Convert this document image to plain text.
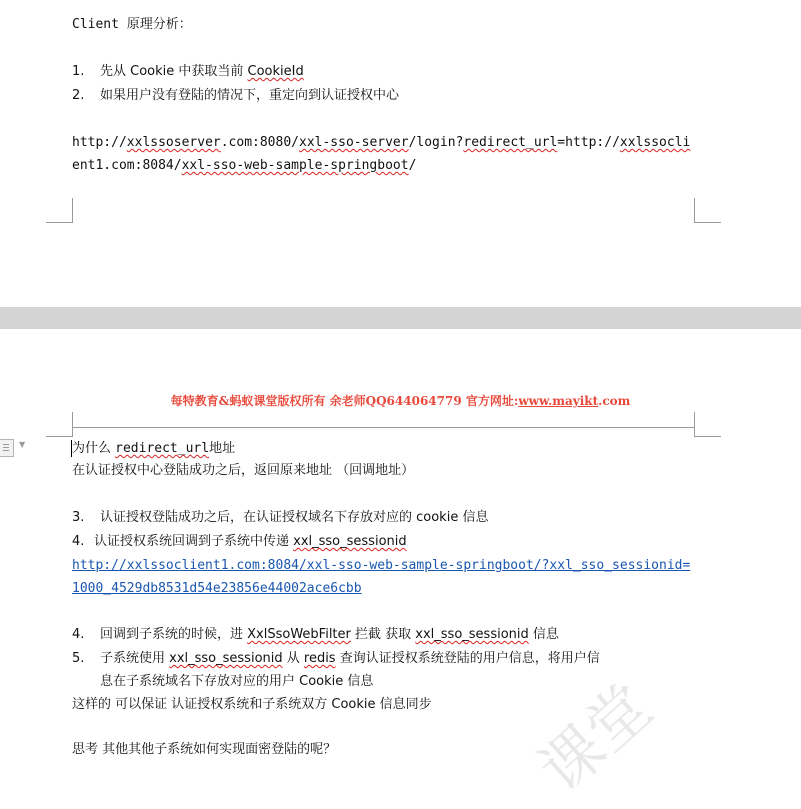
Client 原理分析：
1. 先从 Cookie 中获取当前 CookieId
2. 如果用户没有登陆的情况下，重定向到认证授权中心
http://xxlssoserver.com:8080/xxl-sso-server/login?redirect_url=http://xxlssocli
ent1.com:8084/xxl-sso-web-sample-springboot/
每特教育&蚂蚁课堂版权所有 余老师QQ644064779 官方网址:www.mayikt.com
▼	为什么 redirect_url地址
在认证授权中心登陆成功之后，返回原来地址 （回调地址）
3. 认证授权登陆成功之后，在认证授权域名下存放对应的 cookie 信息
4. 认证授权系统回调到子系统中传递 xxl_sso_sessionid
http://xxlssoclient1.com:8084/xxl-sso-web-sample-springboot/?xxl_sso_sessionid=
1000_4529db8531d54e23856e44002ace6cbb
4. 回调到子系统的时候，进 XxlSsoWebFilter 拦截 获取 xxl_sso_sessionid 信息
5. 子系统使用 xxl_sso_sessionid 从 redis 查询认证授权系统登陆的用户信息，将用户信
息在子系统域名下存放对应的用户 Cookie 信息
这样的 可以保证 认证授权系统和子系统双方 Cookie 信息同步
思考 其他其他子系统如何实现面密登陆的呢？
